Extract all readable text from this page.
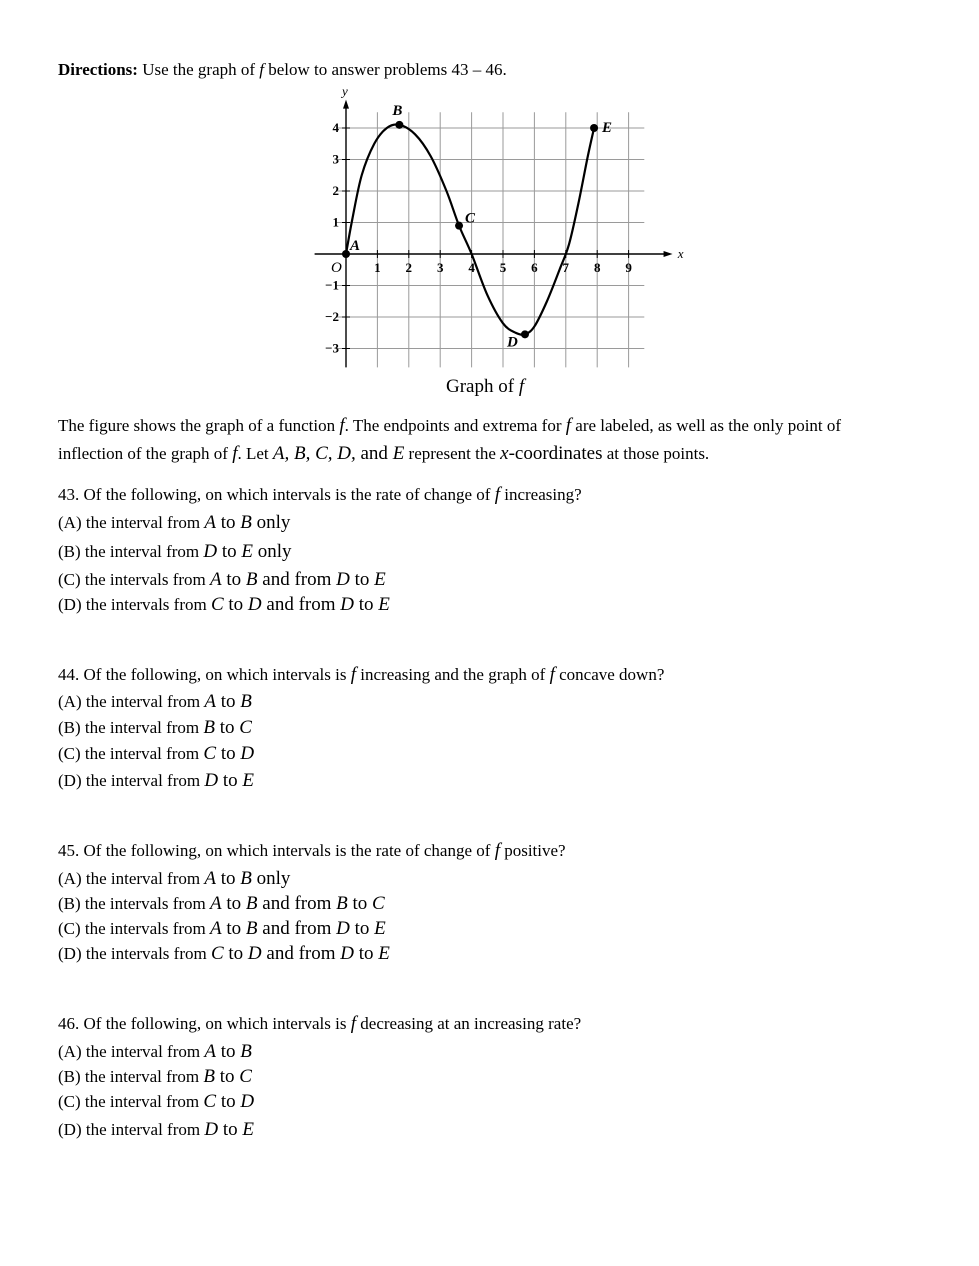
Directions: Use the graph of f below to answer problems 43 – 46.
x
y
O 1 2 3 4 5 6 7 8 9
4
3
2
1
−1
−2
−3
A
B
C
D
E
Graph of f
The figure shows the graph of a function f. The endpoints and extrema for f are labeled, as well as the only point of
inflection of the graph of f. Let A, B, C, D, and E represent the x-coordinates at those points.
43. Of the following, on which intervals is the rate of change of f increasing?
(A) the interval from A to B only
(B) the interval from D to E only
(C) the intervals from A to B and from D to E
(D) the intervals from C to D and from D to E
44. Of the following, on which intervals is f increasing and the graph of f concave down?
(A) the interval from A to B
(B) the interval from B to C
(C) the interval from C to D
(D) the interval from D to E
45. Of the following, on which intervals is the rate of change of f positive?
(A) the interval from A to B only
(B) the intervals from A to B and from B to C
(C) the intervals from A to B and from D to E
(D) the intervals from C to D and from D to E
46. Of the following, on which intervals is f decreasing at an increasing rate?
(A) the interval from A to B
(B) the interval from B to C
(C) the interval from C to D
(D) the interval from D to E
